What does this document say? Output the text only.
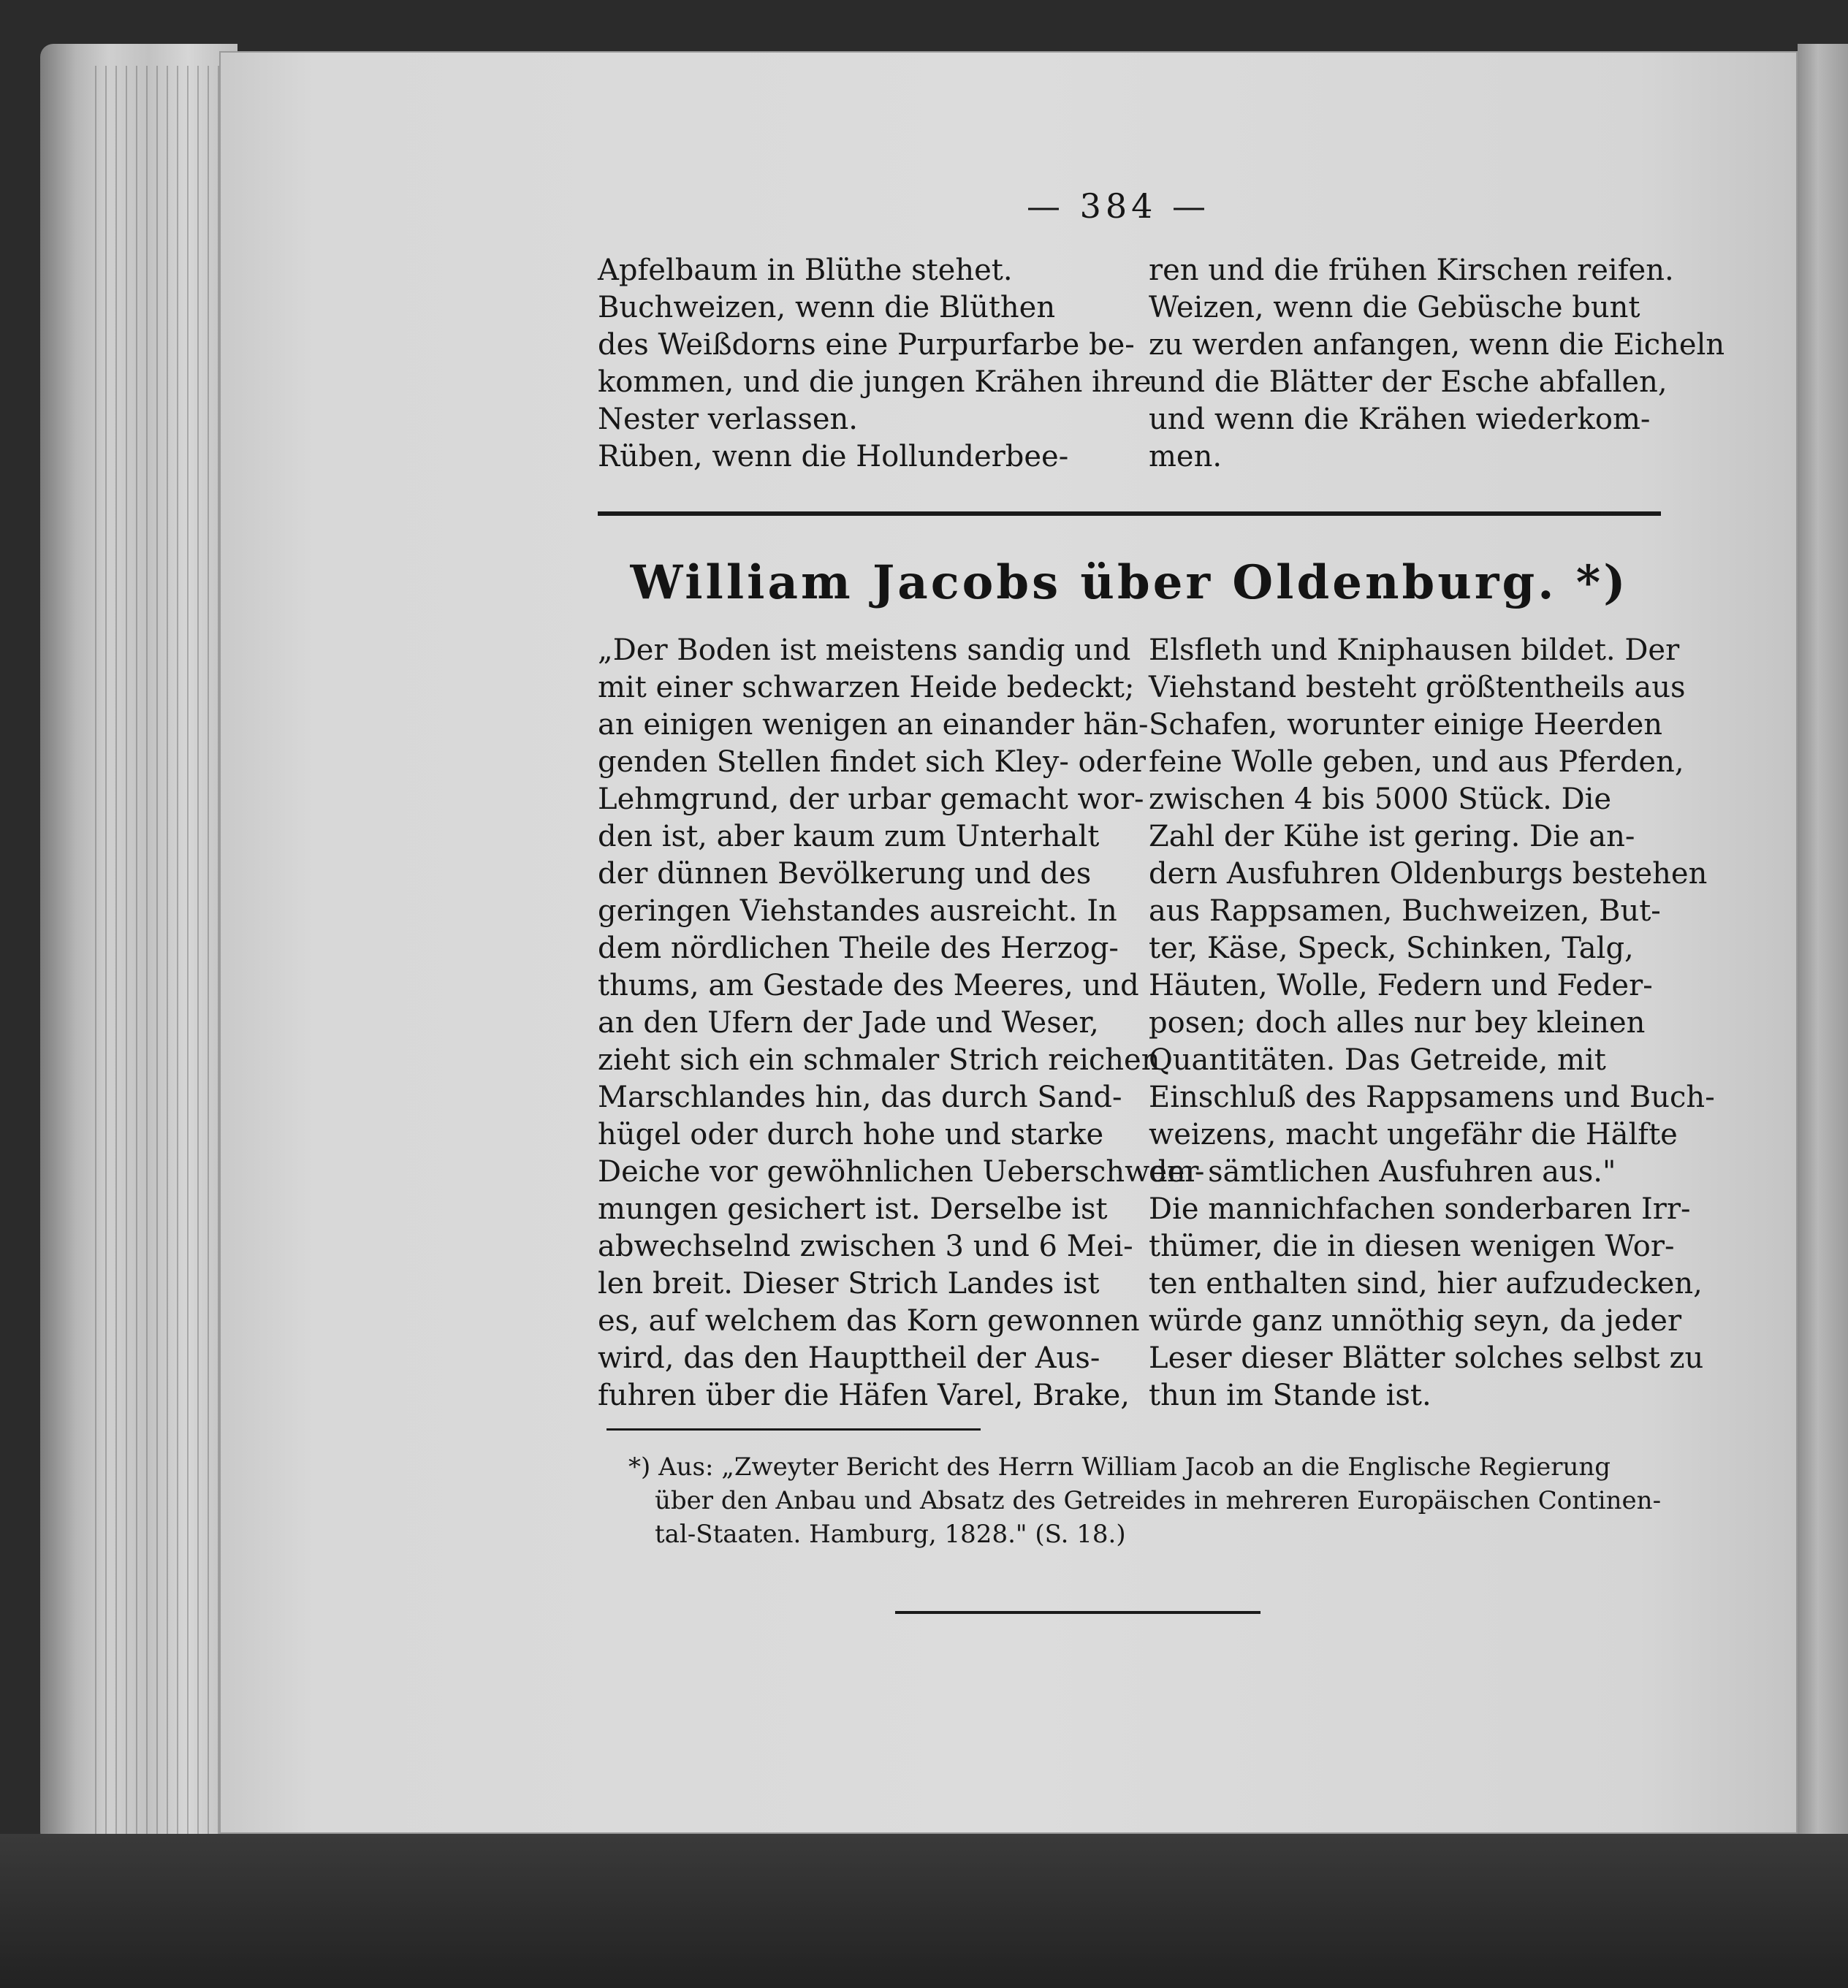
— 384 —
Apfelbaum in Blüthe stehet.
Buchweizen, wenn die Blüthen
des Weißdorns eine Purpurfarbe be-
kommen, und die jungen Krähen ihre
Nester verlassen.
Rüben, wenn die Hollunderbee-
ren und die frühen Kirschen reifen.
Weizen, wenn die Gebüsche bunt
zu werden anfangen, wenn die Eicheln
und die Blätter der Esche abfallen,
und wenn die Krähen wiederkom-
men.
William Jacobs über Oldenburg. *)
„Der Boden ist meistens sandig und
mit einer schwarzen Heide bedeckt;
an einigen wenigen an einander hän-
genden Stellen findet sich Kley- oder
Lehmgrund, der urbar gemacht wor-
den ist, aber kaum zum Unterhalt
der dünnen Bevölkerung und des
geringen Viehstandes ausreicht. In
dem nördlichen Theile des Herzog-
thums, am Gestade des Meeres, und
an den Ufern der Jade und Weser,
zieht sich ein schmaler Strich reichen
Marschlandes hin, das durch Sand-
hügel oder durch hohe und starke
Deiche vor gewöhnlichen Ueberschwem-
mungen gesichert ist. Derselbe ist
abwechselnd zwischen 3 und 6 Mei-
len breit. Dieser Strich Landes ist
es, auf welchem das Korn gewonnen
wird, das den Haupttheil der Aus-
fuhren über die Häfen Varel, Brake,
Elsfleth und Kniphausen bildet. Der
Viehstand besteht größtentheils aus
Schafen, worunter einige Heerden
feine Wolle geben, und aus Pferden,
zwischen 4 bis 5000 Stück. Die
Zahl der Kühe ist gering. Die an-
dern Ausfuhren Oldenburgs bestehen
aus Rappsamen, Buchweizen, But-
ter, Käse, Speck, Schinken, Talg,
Häuten, Wolle, Federn und Feder-
posen; doch alles nur bey kleinen
Quantitäten. Das Getreide, mit
Einschluß des Rappsamens und Buch-
weizens, macht ungefähr die Hälfte
der sämtlichen Ausfuhren aus."
Die mannichfachen sonderbaren Irr-
thümer, die in diesen wenigen Wor-
ten enthalten sind, hier aufzudecken,
würde ganz unnöthig seyn, da jeder
Leser dieser Blätter solches selbst zu
thun im Stande ist.
*) Aus: „Zweyter Bericht des Herrn William Jacob an die Englische Regierung
über den Anbau und Absatz des Getreides in mehreren Europäischen Continen-
tal-Staaten. Hamburg, 1828." (S. 18.)
